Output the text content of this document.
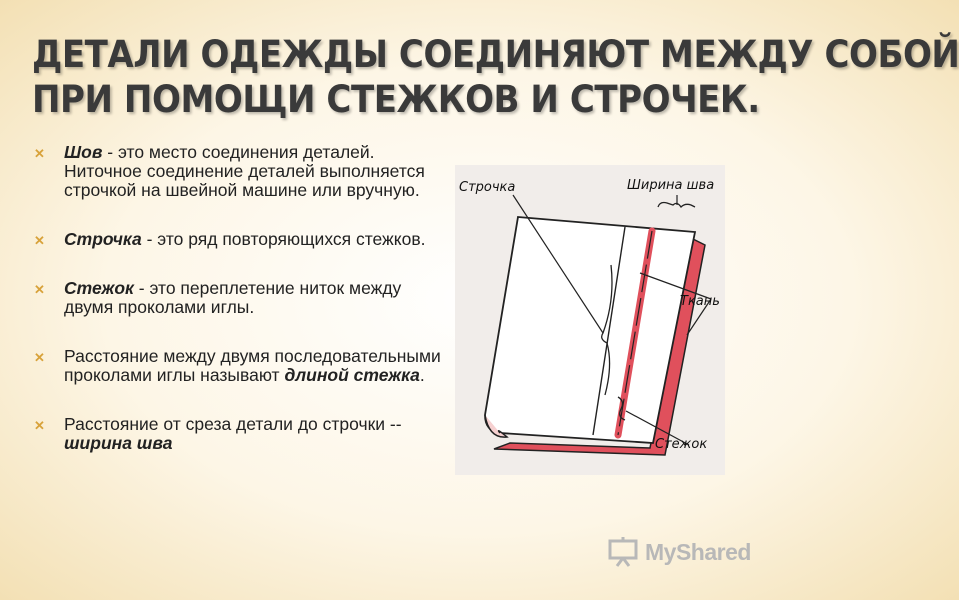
ДЕТАЛИ ОДЕЖДЫ СОЕДИНЯЮТ МЕЖДУ СОБОЙ
ПРИ ПОМОЩИ СТЕЖКОВ И СТРОЧЕК.
✕ Шов - это место соединения деталей. Ниточное соединение деталей выполняется строчкой на швейной машине или вручную.
✕ Строчка - это ряд повторяющихся стежков.
✕ Стежок - это переплетение ниток между двумя проколами иглы.
✕ Расстояние между двумя последовательными проколами иглы называют длиной стежка.
✕ Расстояние от среза детали до строчки -- ширина шва
Строчка	Ширина шва
Ткань
Стежок
MyShared
